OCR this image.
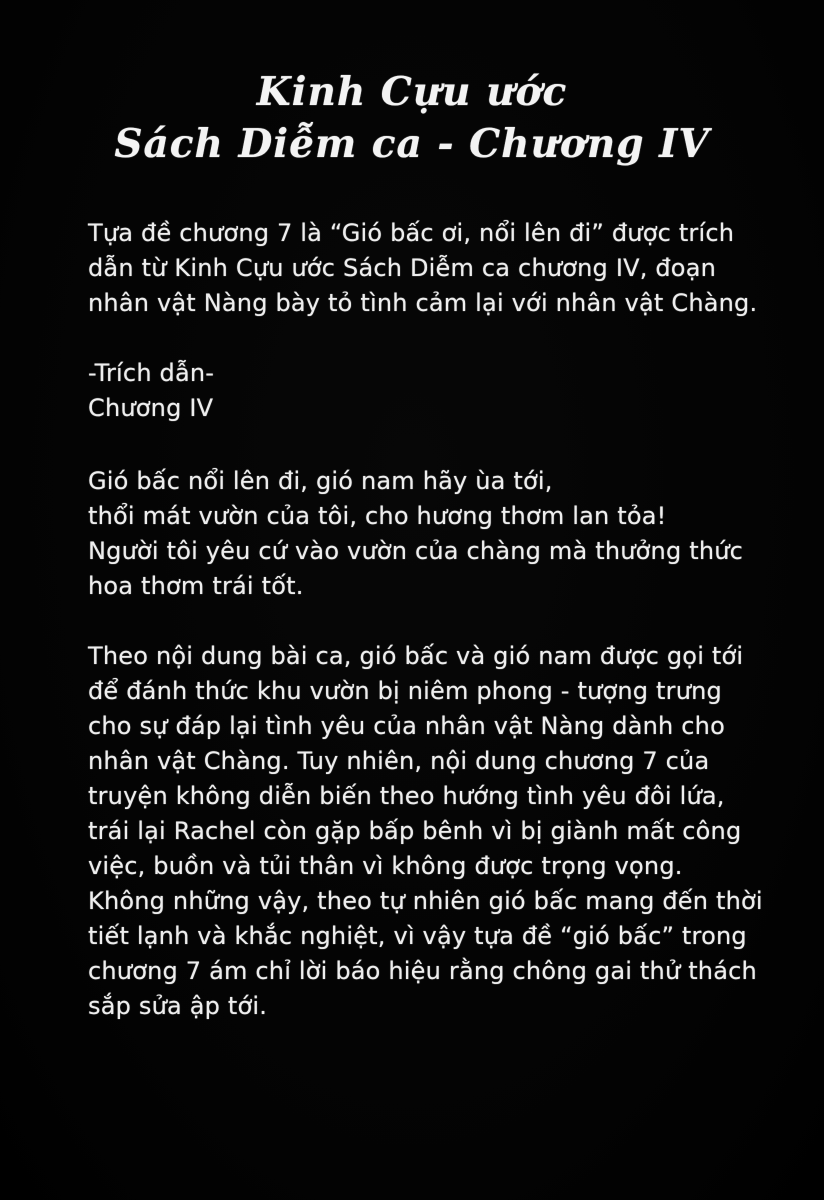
Kinh Cựu ước
Sách Diễm ca - Chương IV
Tựa đề chương 7 là “Gió bấc ơi, nổi lên đi” được trích
dẫn từ Kinh Cựu ước Sách Diễm ca chương IV, đoạn
nhân vật Nàng bày tỏ tình cảm lại với nhân vật Chàng.
-Trích dẫn-
Chương IV
Gió bấc nổi lên đi, gió nam hãy ùa tới,
thổi mát vườn của tôi, cho hương thơm lan tỏa!
Người tôi yêu cứ vào vườn của chàng mà thưởng thức
hoa thơm trái tốt.
Theo nội dung bài ca, gió bấc và gió nam được gọi tới
để đánh thức khu vườn bị niêm phong - tượng trưng
cho sự đáp lại tình yêu của nhân vật Nàng dành cho
nhân vật Chàng. Tuy nhiên, nội dung chương 7 của
truyện không diễn biến theo hướng tình yêu đôi lứa,
trái lại Rachel còn gặp bấp bênh vì bị giành mất công
việc, buồn và tủi thân vì không được trọng vọng.
Không những vậy, theo tự nhiên gió bấc mang đến thời
tiết lạnh và khắc nghiệt, vì vậy tựa đề “gió bấc” trong
chương 7 ám chỉ lời báo hiệu rằng chông gai thử thách
sắp sửa ập tới.
